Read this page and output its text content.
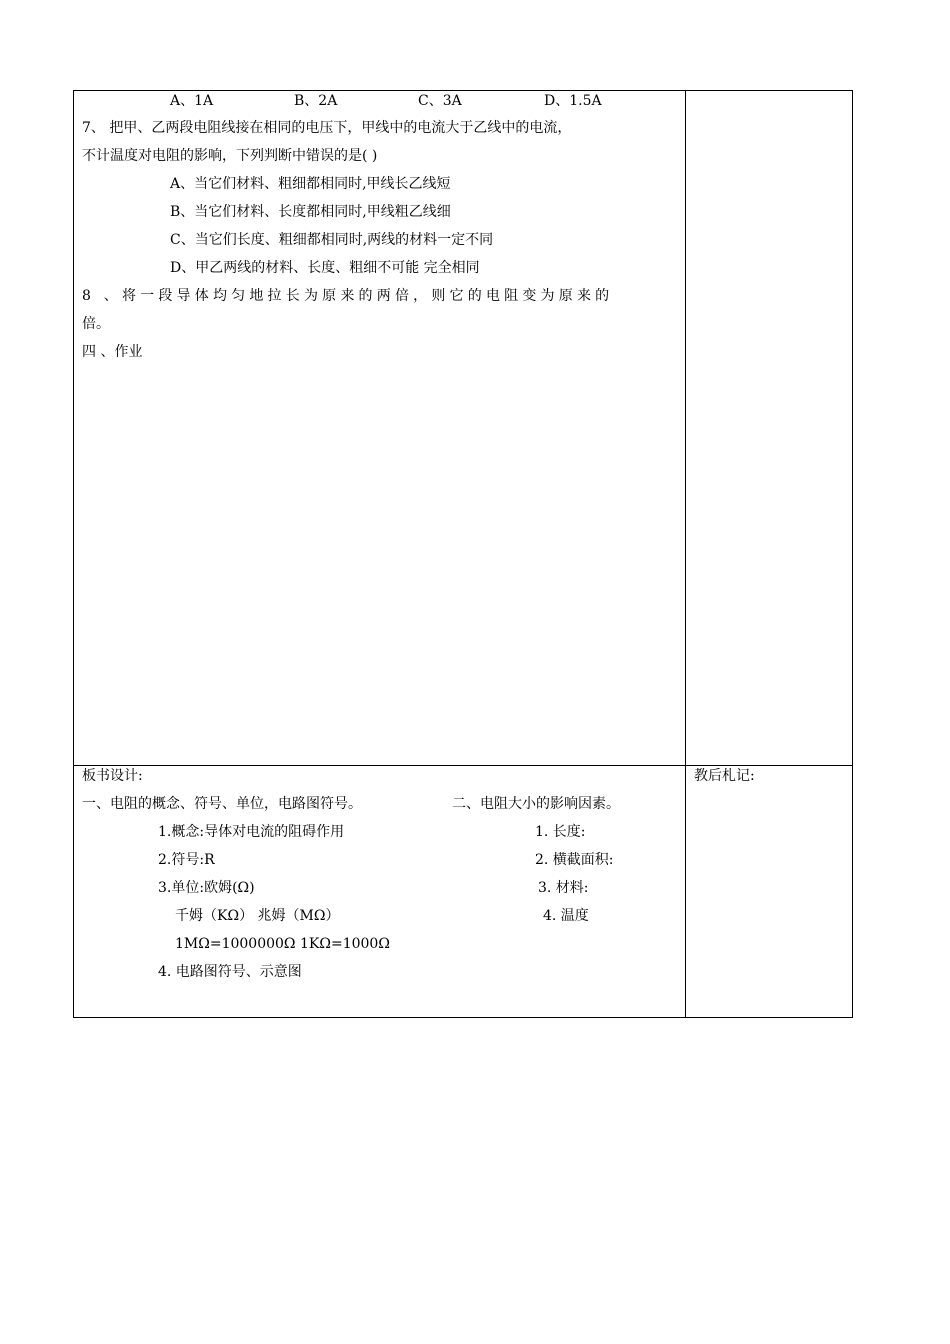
A、1A	B、2A	C、3A	D、1.5A
7、 把甲、乙两段电阻线接在相同的电压下，甲线中的电流大于乙线中的电流，
不计温度对电阻的影响，下列判断中错误的是( )
A、当它们材料、粗细都相同时,甲线长乙线短
B、当它们材料、长度都相同时,甲线粗乙线细
C、当它们长度、粗细都相同时,两线的材料一定不同
D、甲乙两线的材料、长度、粗细不可能 完全相同
8 、将一段导体均匀地拉长为原来的两倍，则它的电阻变为原来的
倍。
四 、作业
板书设计:
一、电阻的概念、符号、单位，电路图符号。	二、电阻大小的影响因素。
1.概念:导体对电流的阻碍作用
2.符号:R
3.单位:欧姆(Ω)
千姆（KΩ） 兆姆（MΩ）
1MΩ=1000000Ω 1KΩ=1000Ω
4. 电路图符号、示意图
1. 长度:
2. 横截面积:
3. 材料:
4. 温度
教后札记:
